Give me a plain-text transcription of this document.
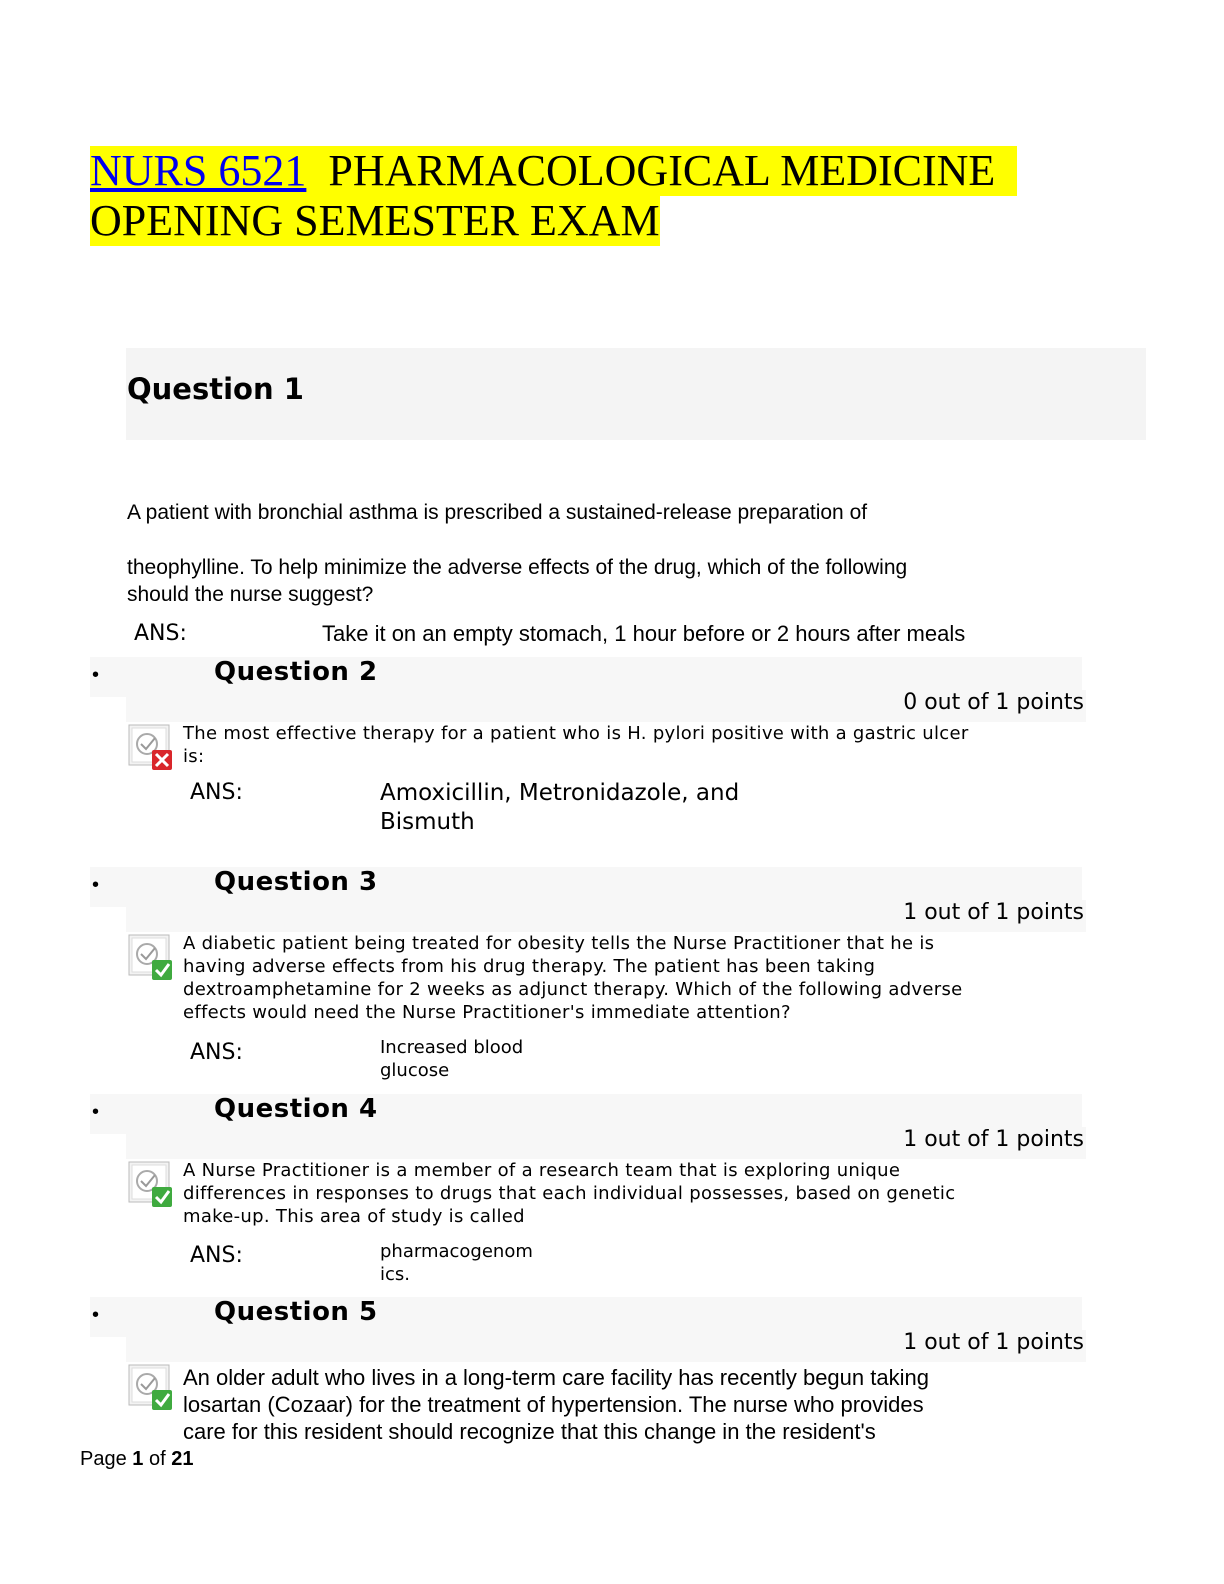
NURS 6521 PHARMACOLOGICAL MEDICINE
OPENING SEMESTER EXAM
Question 1
A patient with bronchial asthma is prescribed a sustained-release preparation of
theophylline. To help minimize the adverse effects of the drug, which of the following
should the nurse suggest?
ANS:	Take it on an empty stomach, 1 hour before or 2 hours after meals
•	Question 2
0 out of 1 points
The most effective therapy for a patient who is H. pylori positive with a gastric ulcer
is:
ANS:	Amoxicillin, Metronidazole, and
Bismuth
•	Question 3
1 out of 1 points
A diabetic patient being treated for obesity tells the Nurse Practitioner that he is
having adverse effects from his drug therapy. The patient has been taking
dextroamphetamine for 2 weeks as adjunct therapy. Which of the following adverse
effects would need the Nurse Practitioner's immediate attention?
ANS:	Increased blood
glucose
•	Question 4
1 out of 1 points
A Nurse Practitioner is a member of a research team that is exploring unique
differences in responses to drugs that each individual possesses, based on genetic
make-up. This area of study is called
ANS:	pharmacogenom
ics.
•	Question 5
1 out of 1 points
An older adult who lives in a long-term care facility has recently begun taking
losartan (Cozaar) for the treatment of hypertension. The nurse who provides
care for this resident should recognize that this change in the resident's
Page 1 of 21
